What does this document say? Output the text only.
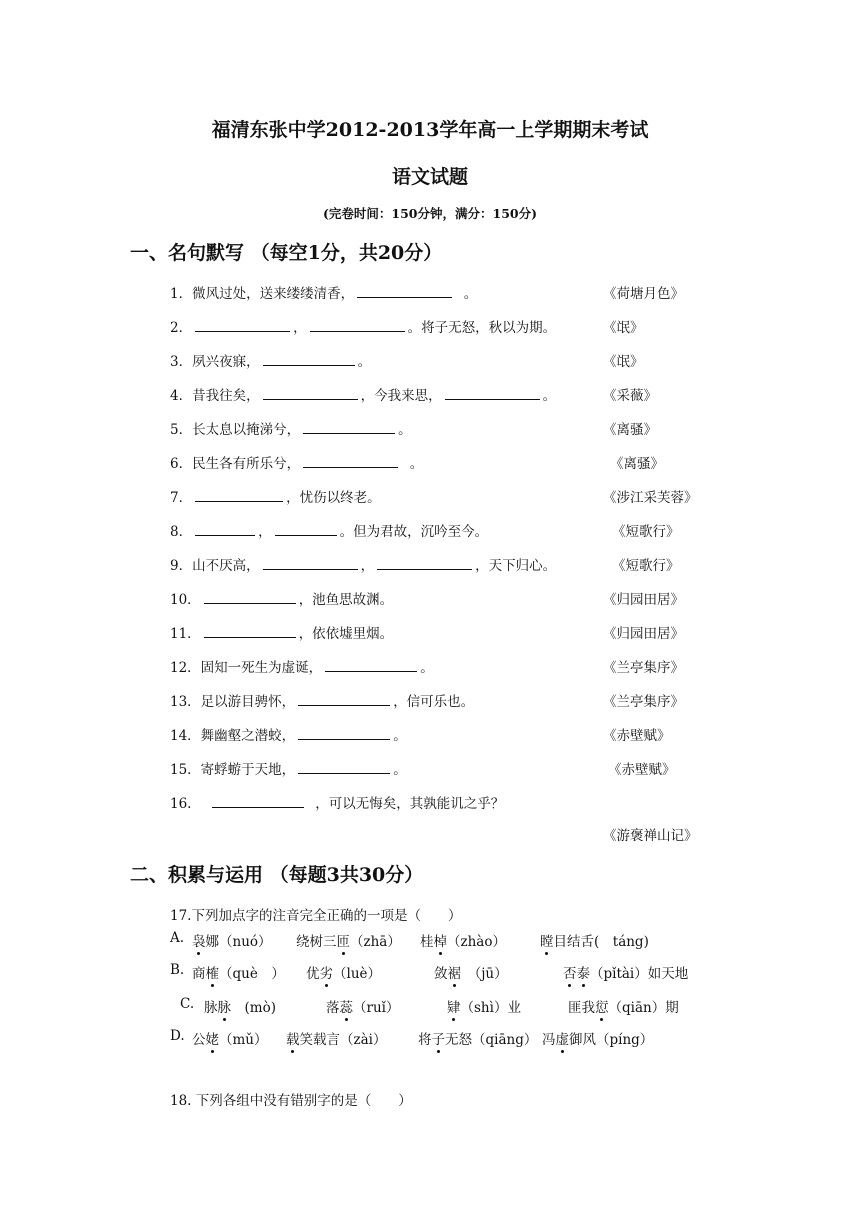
福清东张中学2012-2013学年高一上学期期末考试
语文试题
(完卷时间：150分钟，满分：150分)
一、名句默写 （每空1分，共20分）
1．微风过处，送来缕缕清香，	。	《荷塘月色》
2．	，	。将子无怒，秋以为期。	《氓》
3．夙兴夜寐，	。	《氓》
4．昔我往矣，	，今我来思，	。	《采薇》
5．长太息以掩涕兮，	。	《离骚》
6．民生各有所乐兮，	。	《离骚》
7．	，忧伤以终老。	《涉江采芙蓉》
8．	，	。但为君故，沉吟至今。	《短歌行》
9．山不厌高，	，	，天下归心。	《短歌行》
10．	，池鱼思故渊。	《归园田居》
11．	，依依墟里烟。	《归园田居》
12．固知一死生为虚诞，	。	《兰亭集序》
13．足以游目骋怀，	，信可乐也。	《兰亭集序》
14．舞幽壑之潜蛟，	。	《赤壁赋》
15．寄蜉蝣于天地，	。	《赤壁赋》
16.	，可以无悔矣，其孰能讥之乎？
《游褒禅山记》
二、积累与运用 （每题3共30分）
17.下列加点字的注音完全正确的一项是（　　）
A. 袅娜（nuó） 绕树三匝（zhā） 桂棹（zhào）	瞠目结舌(　táng)
B. 商榷（què　） 优劣（luè）	敛裾　（jū）	否泰（pǐtài）如天地
C. 脉脉　(mò)	落蕊（ruǐ）	肄（shì）业	匪我愆（qiān）期
D. 公姥（mǔ） 载笑载言（zài） 将子无怒（qiāng） 冯虚御风（píng）
18. 下列各组中没有错别字的是（　　）
